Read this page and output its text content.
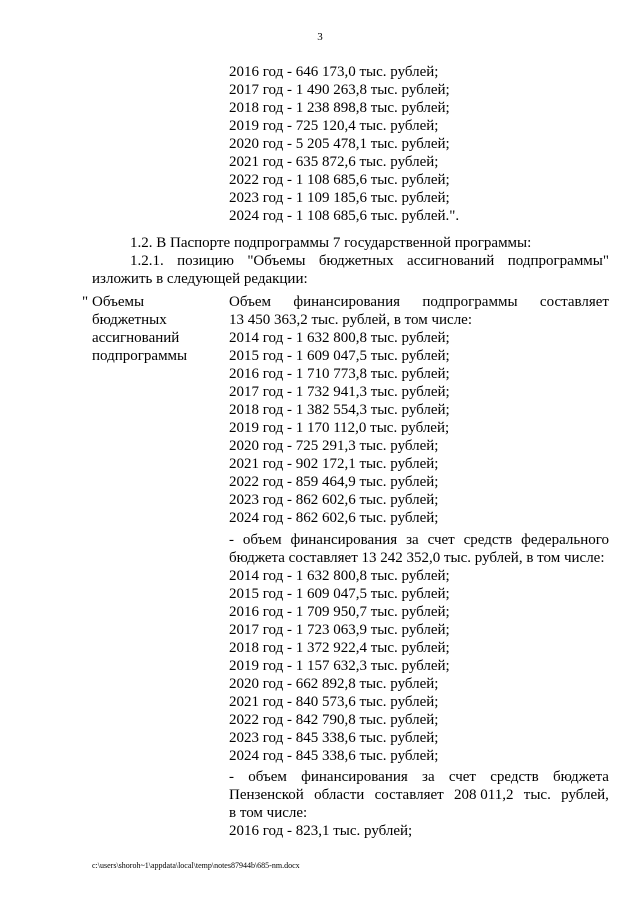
3
2016 год - 646 173,0 тыс. рублей;
2017 год - 1 490 263,8 тыс. рублей;
2018 год - 1 238 898,8 тыс. рублей;
2019 год - 725 120,4 тыс. рублей;
2020 год - 5 205 478,1 тыс. рублей;
2021 год - 635 872,6 тыс. рублей;
2022 год - 1 108 685,6 тыс. рублей;
2023 год - 1 109 185,6 тыс. рублей;
2024 год - 1 108 685,6 тыс. рублей.".
1.2. В Паспорте подпрограммы 7 государственной программы:
1.2.1. позицию "Объемы бюджетных ассигнований подпрограммы"
изложить в следующей редакции:
" Объемы
бюджетных
ассигнований
подпрограммы
Объем финансирования подпрограммы составляет
13 450 363,2 тыс. рублей, в том числе:
2014 год - 1 632 800,8 тыс. рублей;
2015 год - 1 609 047,5 тыс. рублей;
2016 год - 1 710 773,8 тыс. рублей;
2017 год - 1 732 941,3 тыс. рублей;
2018 год - 1 382 554,3 тыс. рублей;
2019 год - 1 170 112,0 тыс. рублей;
2020 год - 725 291,3 тыс. рублей;
2021 год - 902 172,1 тыс. рублей;
2022 год - 859 464,9 тыс. рублей;
2023 год - 862 602,6 тыс. рублей;
2024 год - 862 602,6 тыс. рублей;
- объем финансирования за счет средств федерального
бюджета составляет 13 242 352,0 тыс. рублей, в том числе:
2014 год - 1 632 800,8 тыс. рублей;
2015 год - 1 609 047,5 тыс. рублей;
2016 год - 1 709 950,7 тыс. рублей;
2017 год - 1 723 063,9 тыс. рублей;
2018 год - 1 372 922,4 тыс. рублей;
2019 год - 1 157 632,3 тыс. рублей;
2020 год - 662 892,8 тыс. рублей;
2021 год - 840 573,6 тыс. рублей;
2022 год - 842 790,8 тыс. рублей;
2023 год - 845 338,6 тыс. рублей;
2024 год - 845 338,6 тыс. рублей;
- объем финансирования за счет средств бюджета
Пензенской области составляет 208 011,2 тыс. рублей,
в том числе:
2016 год - 823,1 тыс. рублей;
c:\users\shoroh~1\appdata\local\temp\notes87944b\685-nm.docx
